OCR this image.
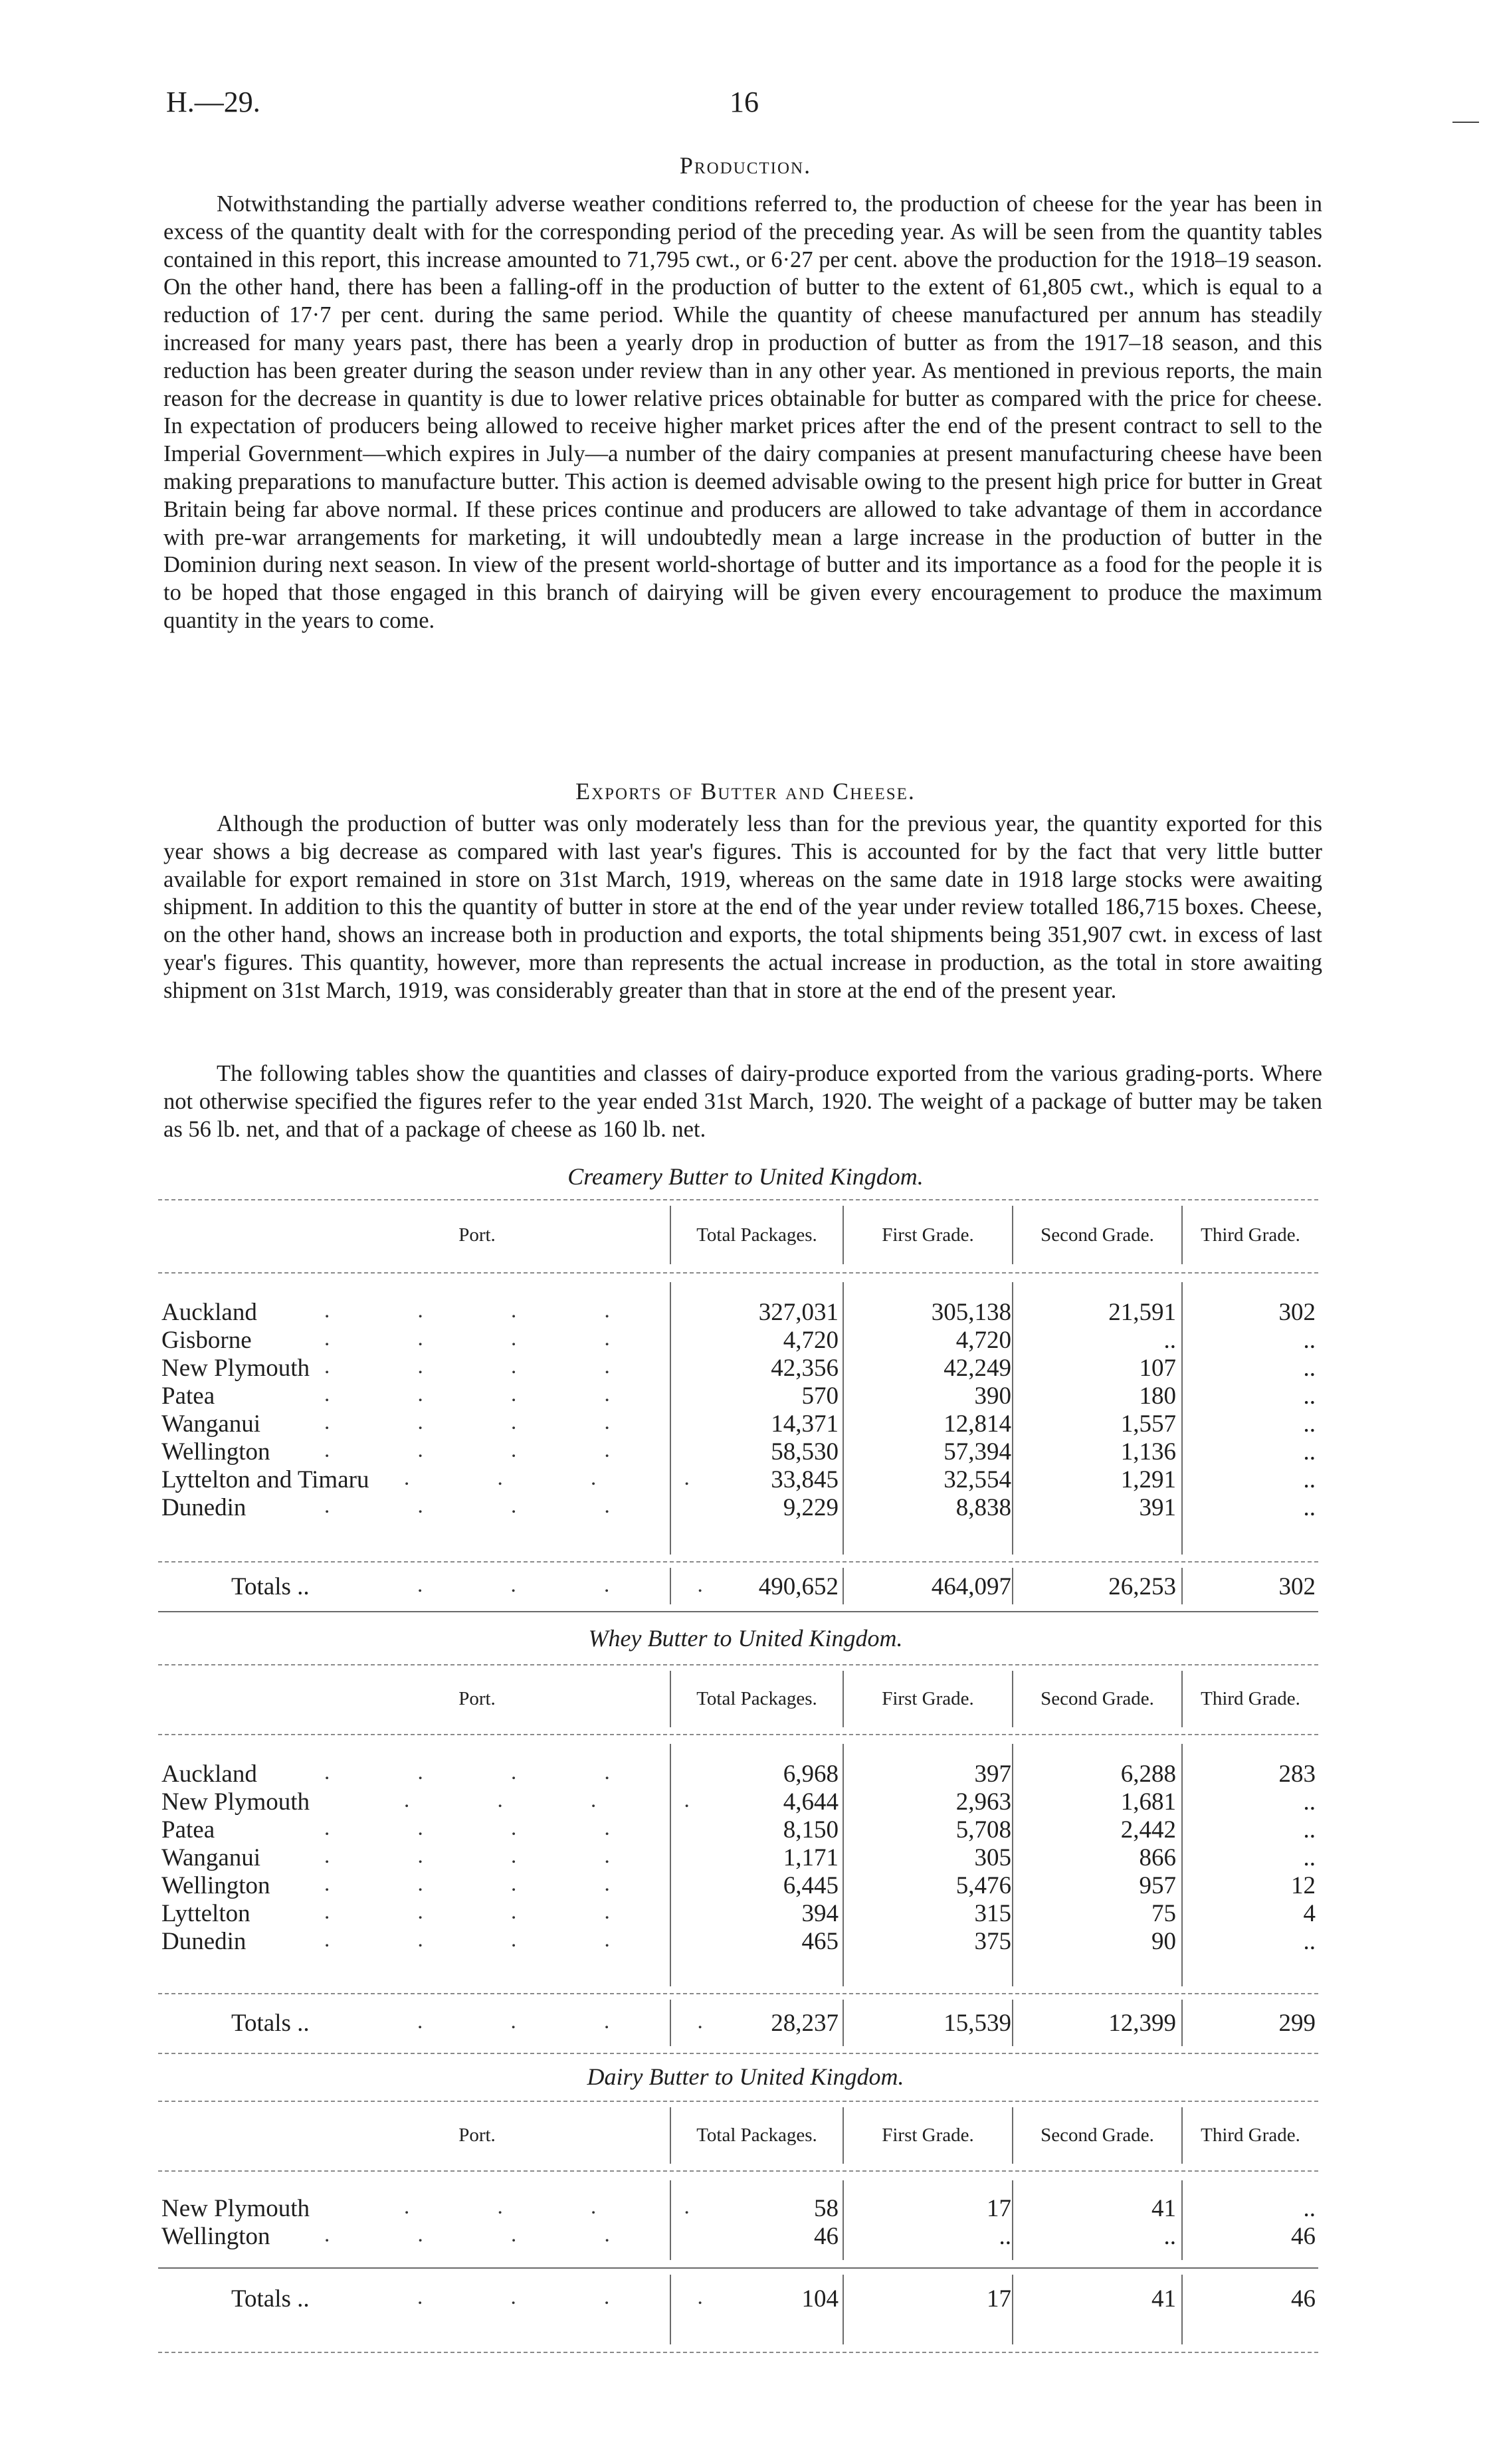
H.—29.	16
Production.

Notwithstanding the partially adverse weather conditions referred to, the production of cheese for the year has been in excess of the quantity dealt with for the corresponding period of the preceding year. As will be seen from the quantity tables contained in this report, this increase amounted to 71,795 cwt., or 6·27 per cent. above the production for the 1918–19 season. On the other hand, there has been a falling-off in the production of butter to the extent of 61,805 cwt., which is equal to a reduction of 17·7 per cent. during the same period. While the quantity of cheese manufactured per annum has steadily increased for many years past, there has been a yearly drop in production of butter as from the 1917–18 season, and this reduction has been greater during the season under review than in any other year. As mentioned in previous reports, the main reason for the decrease in quantity is due to lower relative prices obtainable for butter as compared with the price for cheese. In expectation of producers being allowed to receive higher market prices after the end of the present contract to sell to the Imperial Government—which expires in July—a number of the dairy companies at present manufacturing cheese have been making preparations to manufacture butter. This action is deemed advisable owing to the present high price for butter in Great Britain being far above normal. If these prices continue and producers are allowed to take advantage of them in accordance with pre-war arrangements for marketing, it will undoubtedly mean a large increase in the production of butter in the Dominion during next season. In view of the present world-shortage of butter and its importance as a food for the people it is to be hoped that those engaged in this branch of dairying will be given every encouragement to produce the maximum quantity in the years to come.

Exports of Butter and Cheese.

Although the production of butter was only moderately less than for the previous year, the quantity exported for this year shows a big decrease as compared with last year's figures. This is accounted for by the fact that very little butter available for export remained in store on 31st March, 1919, whereas on the same date in 1918 large stocks were awaiting shipment. In addition to this the quantity of butter in store at the end of the year under review totalled 186,715 boxes. Cheese, on the other hand, shows an increase both in production and exports, the total shipments being 351,907 cwt. in excess of last year's figures. This quantity, however, more than represents the actual increase in production, as the total in store awaiting shipment on 31st March, 1919, was considerably greater than that in store at the end of the present year.

The following tables show the quantities and classes of dairy-produce exported from the various grading-ports. Where not otherwise specified the figures refer to the year ended 31st March, 1920. The weight of a package of butter may be taken as 56 lb. net, and that of a package of cheese as 160 lb. net.

Creamery Butter to United Kingdom.
Port.	Total Packages.	First Grade.	Second Grade.	Third Grade.
Auckland	. . . .	327,031	305,138	21,591	302
Gisborne	. . . .	4,720	4,720	..	..
New Plymouth . . . .	42,356	42,249	107	..
Patea	. . . .	570	390	180	..
Wanganui	. . . .	14,371	12,814	1,557	..
Wellington	. . . .	58,530	57,394	1,136	..
Lyttelton and Timaru	. . . .	33,845	32,554	1,291	..
Dunedin	. . . .	9,229	8,838	391	..
Totals ..	. . . . 490,652	464,097	26,253	302
Whey Butter to United Kingdom.
Port.	Total Packages.	First Grade.	Second Grade.	Third Grade.
Auckland	. . . .	6,968	397	6,288	283
New Plymouth	. . . .	4,644	2,963	1,681	..
Patea	. . . .	8,150	5,708	2,442	..
Wanganui	. . . .	1,171	305	866	..
Wellington	. . . .	6,445	5,476	957	12
Lyttelton	. . . .	394	315	75	4
Dunedin	. . . .	465	375	90	..
Totals ..	. . . .	28,237	15,539	12,399	299
Dairy Butter to United Kingdom.
Port.	Total Packages.	First Grade.	Second Grade.	Third Grade.
New Plymouth	. . . .	58	17	41	..
Wellington	. . . .	46	..	..	46
Totals ..	. . . .	104	17	41	46
